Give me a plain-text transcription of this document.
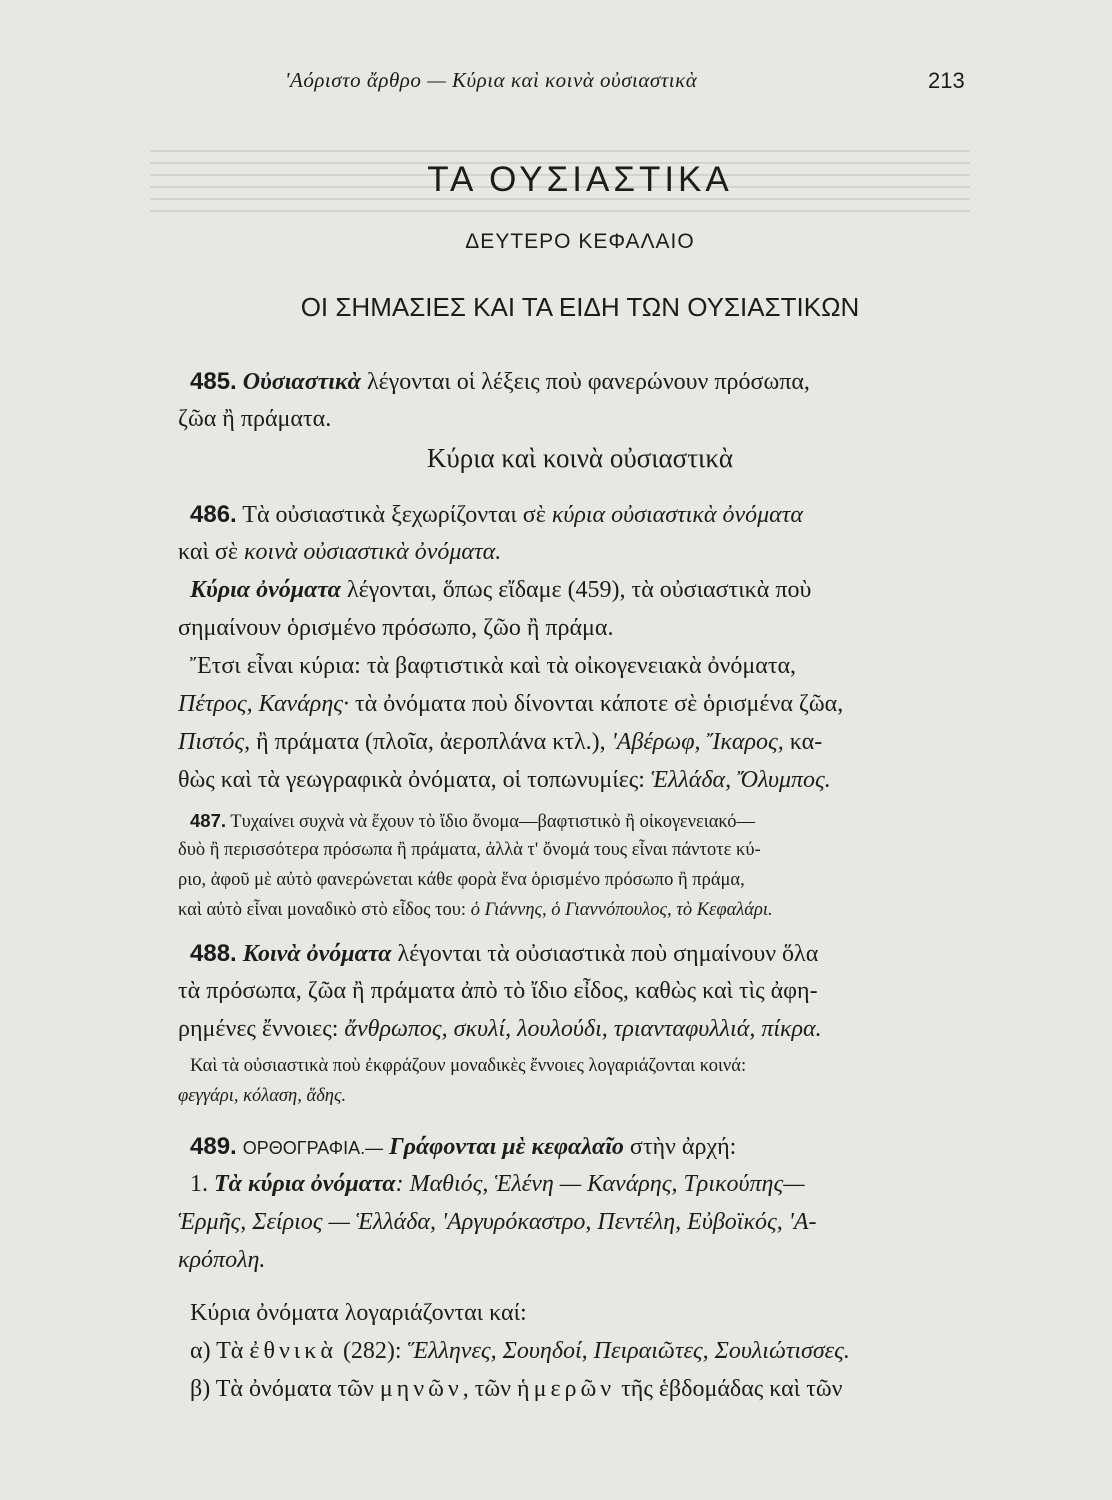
'Αόριστο ἄρθρο — Κύρια καὶ κοινὰ οὐσιαστικὰ	213
ΤΑ ΟΥΣΙΑΣΤΙΚΑ
ΔΕΥΤΕΡΟ ΚΕΦΑΛΑΙΟ
ΟΙ ΣΗΜΑΣΙΕΣ ΚΑΙ ΤΑ ΕΙΔΗ ΤΩΝ ΟΥΣΙΑΣΤΙΚΩΝ
485. Οὐσιαστικὰ λέγονται οἱ λέξεις ποὺ φανερώνουν πρόσωπα,
ζῶα ἢ πράματα.
Κύρια καὶ κοινὰ οὐσιαστικὰ
486. Τὰ οὐσιαστικὰ ξεχωρίζονται σὲ κύρια οὐσιαστικὰ ὀνόματα
καὶ σὲ κοινὰ οὐσιαστικὰ ὀνόματα.
Κύρια ὀνόματα λέγονται, ὅπως εἴδαμε (459), τὰ οὐσιαστικὰ ποὺ
σημαίνουν ὁρισμένο πρόσωπο, ζῶο ἢ πράμα.
Ἔτσι εἶναι κύρια: τὰ βαφτιστικὰ καὶ τὰ οἰκογενειακὰ ὀνόματα,
Πέτρος, Κανάρης· τὰ ὀνόματα ποὺ δίνονται κάποτε σὲ ὁρισμένα ζῶα,
Πιστός, ἢ πράματα (πλοῖα, ἀεροπλάνα κτλ.), 'Αβέρωφ, Ἴκαρος, κα-
θὼς καὶ τὰ γεωγραφικὰ ὀνόματα, οἱ τοπωνυμίες: Ἑλλάδα, Ὄλυμπος.
487. Τυχαίνει συχνὰ νὰ ἔχουν τὸ ἴδιο ὄνομα—βαφτιστικὸ ἢ οἰκογενειακό—
δυὸ ἢ περισσότερα πρόσωπα ἢ πράματα, ἀλλὰ τ' ὄνομά τους εἶναι πάντοτε κύ-
ριο, ἀφοῦ μὲ αὐτὸ φανερώνεται κάθε φορὰ ἕνα ὁρισμένο πρόσωπο ἢ πράμα,
καὶ αὐτὸ εἶναι μοναδικὸ στὸ εἶδος του: ὁ Γιάννης, ὁ Γιαννόπουλος, τὸ Κεφαλάρι.
488. Κοινὰ ὀνόματα λέγονται τὰ οὐσιαστικὰ ποὺ σημαίνουν ὅλα
τὰ πρόσωπα, ζῶα ἢ πράματα ἀπὸ τὸ ἴδιο εἶδος, καθὼς καὶ τὶς ἀφη-
ρημένες ἔννοιες: ἄνθρωπος, σκυλί, λουλούδι, τριανταφυλλιά, πίκρα.
Καὶ τὰ οὐσιαστικὰ ποὺ ἐκφράζουν μοναδικὲς ἔννοιες λογαριάζονται κοινά:
φεγγάρι, κόλαση, ἅδης.
489. ΟΡΘΟΓΡΑΦΙΑ.— Γράφονται μὲ κεφαλαῖο στὴν ἀρχή:
1. Τὰ κύρια ὀνόματα: Μαθιός, Ἑλένη — Κανάρης, Τρικούπης—
Ἑρμῆς, Σείριος — Ἑλλάδα, 'Αργυρόκαστρο, Πεντέλη, Εὐβοϊκός, 'Α-
κρόπολη.
Κύρια ὀνόματα λογαριάζονται καί:
α) Τὰ ἐθνικὰ (282): Ἕλληνες, Σουηδοί, Πειραιῶτες, Σουλιώτισσες.
β) Τὰ ὀνόματα τῶν μηνῶν, τῶν ἡμερῶν τῆς ἑβδομάδας καὶ τῶν
